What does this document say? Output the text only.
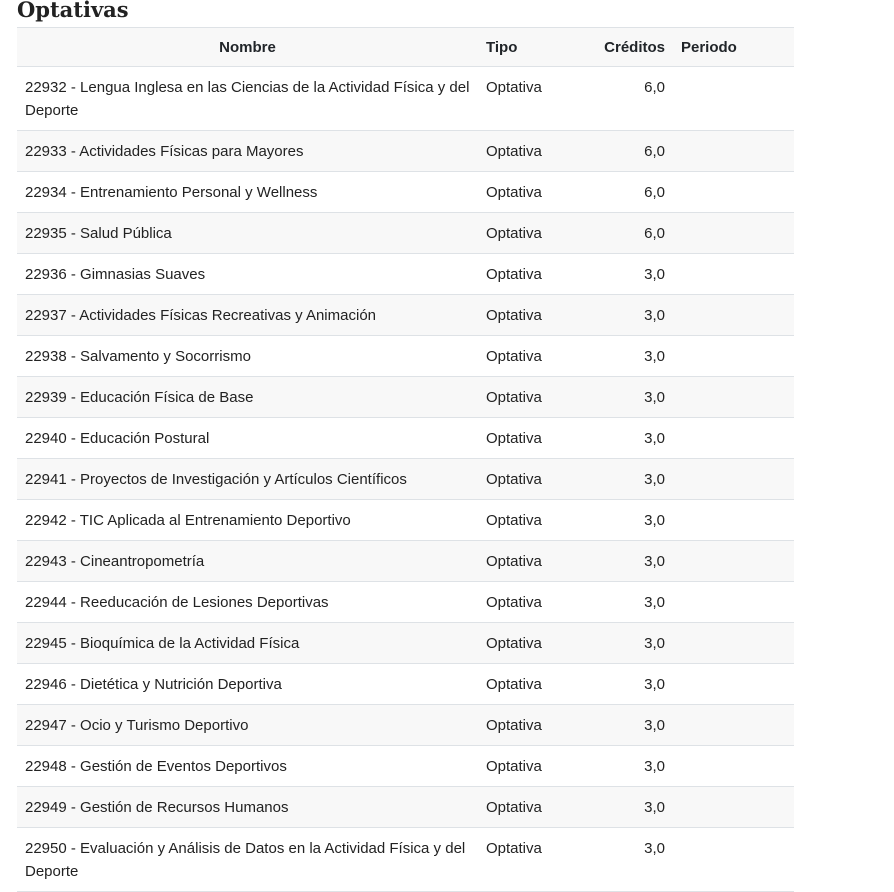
Optativas
Nombre	Tipo	Créditos	Periodo
22932 - Lengua Inglesa en las Ciencias de la Actividad Física y del Deporte	Optativa	6,0	
22933 - Actividades Físicas para Mayores	Optativa	6,0	
22934 - Entrenamiento Personal y Wellness	Optativa	6,0	
22935 - Salud Pública	Optativa	6,0	
22936 - Gimnasias Suaves	Optativa	3,0	
22937 - Actividades Físicas Recreativas y Animación	Optativa	3,0	
22938 - Salvamento y Socorrismo	Optativa	3,0	
22939 - Educación Física de Base	Optativa	3,0	
22940 - Educación Postural	Optativa	3,0	
22941 - Proyectos de Investigación y Artículos Científicos	Optativa	3,0	
22942 - TIC Aplicada al Entrenamiento Deportivo	Optativa	3,0	
22943 - Cineantropometría	Optativa	3,0	
22944 - Reeducación de Lesiones Deportivas	Optativa	3,0	
22945 - Bioquímica de la Actividad Física	Optativa	3,0	
22946 - Dietética y Nutrición Deportiva	Optativa	3,0	
22947 - Ocio y Turismo Deportivo	Optativa	3,0	
22948 - Gestión de Eventos Deportivos	Optativa	3,0	
22949 - Gestión de Recursos Humanos	Optativa	3,0	
22950 - Evaluación y Análisis de Datos en la Actividad Física y del Deporte	Optativa	3,0	
